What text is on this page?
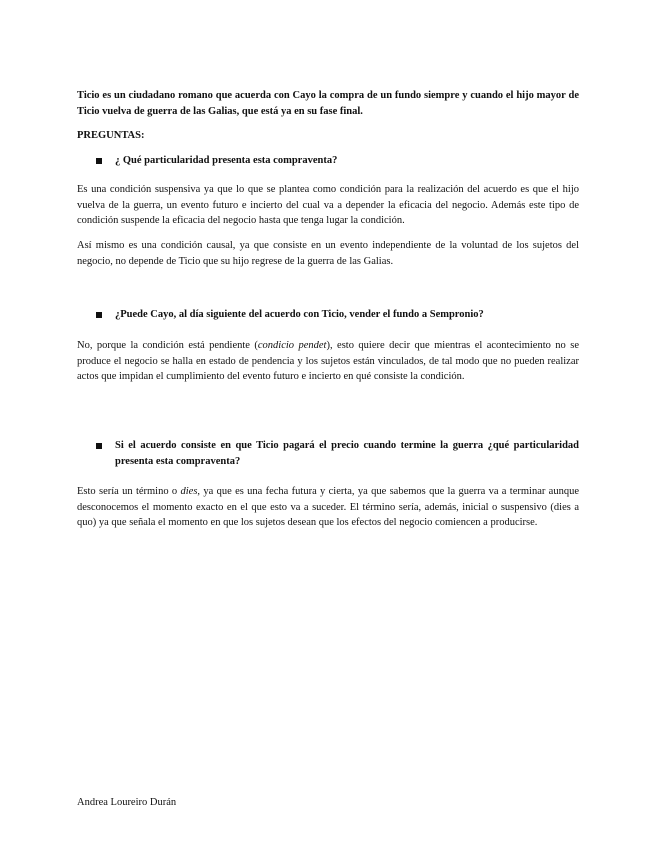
Ticio es un ciudadano romano que acuerda con Cayo la compra de un fundo siempre y cuando el hijo mayor de Ticio vuelva de guerra de las Galias, que está ya en su fase final.
PREGUNTAS:
¿ Qué particularidad presenta esta compraventa?
Es una condición suspensiva ya que lo que se plantea como condición para la realización del acuerdo es que el hijo vuelva de la guerra, un evento futuro e incierto del cual va a depender la eficacia del negocio. Además este tipo de condición suspende la eficacia del negocio hasta que tenga lugar la condición.
Así mismo es una condición causal, ya que consiste en un evento independiente de la voluntad de los sujetos del negocio, no depende de Ticio que su hijo regrese de la guerra de las Galias.
¿Puede Cayo, al día siguiente del acuerdo con Ticio, vender el fundo a Sempronio?
No, porque la condición está pendiente (condicio pendet), esto quiere decir que mientras el acontecimiento no se produce el negocio se halla en estado de pendencia y los sujetos están vinculados, de tal modo que no pueden realizar actos que impidan el cumplimiento del evento futuro e incierto en qué consiste la condición.
Si el acuerdo consiste en que Ticio pagará el precio cuando termine la guerra ¿qué particularidad presenta esta compraventa?
Esto sería un término o dies, ya que es una fecha futura y cierta, ya que sabemos que la guerra va a terminar aunque desconocemos el momento exacto en el que esto va a suceder. El término sería, además, inicial o suspensivo (dies a quo) ya que señala el momento en que los sujetos desean que los efectos del negocio comiencen a producirse.
Andrea Loureiro Durán
